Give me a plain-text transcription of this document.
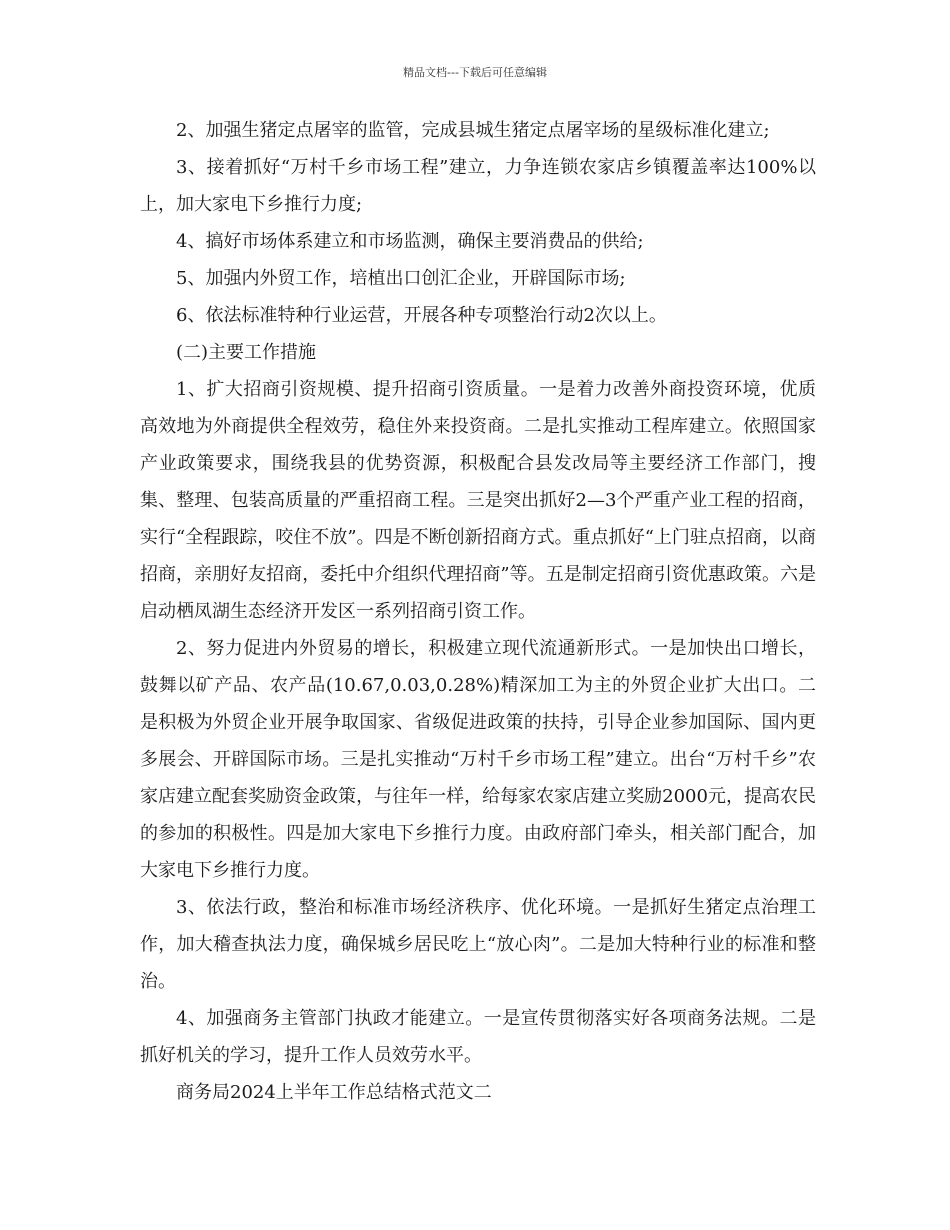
精品文档---下载后可任意编辑

2、加强生猪定点屠宰的监管，完成县城生猪定点屠宰场的星级标准化建立;

3、接着抓好“万村千乡市场工程”建立，力争连锁农家店乡镇覆盖率达100%以上，加大家电下乡推行力度;

4、搞好市场体系建立和市场监测，确保主要消费品的供给;

5、加强内外贸工作，培植出口创汇企业，开辟国际市场;

6、依法标准特种行业运营，开展各种专项整治行动2次以上。

(二)主要工作措施

1、扩大招商引资规模、提升招商引资质量。一是着力改善外商投资环境，优质高效地为外商提供全程效劳，稳住外来投资商。二是扎实推动工程库建立。依照国家产业政策要求，围绕我县的优势资源，积极配合县发改局等主要经济工作部门，搜集、整理、包装高质量的严重招商工程。三是突出抓好2—3个严重产业工程的招商，实行“全程跟踪，咬住不放”。四是不断创新招商方式。重点抓好“上门驻点招商，以商招商，亲朋好友招商，委托中介组织代理招商”等。五是制定招商引资优惠政策。六是启动栖凤湖生态经济开发区一系列招商引资工作。

2、努力促进内外贸易的增长，积极建立现代流通新形式。一是加快出口增长，鼓舞以矿产品、农产品(10.67,0.03,0.28%)精深加工为主的外贸企业扩大出口。二是积极为外贸企业开展争取国家、省级促进政策的扶持，引导企业参加国际、国内更多展会、开辟国际市场。三是扎实推动“万村千乡市场工程”建立。出台“万村千乡”农家店建立配套奖励资金政策，与往年一样，给每家农家店建立奖励2000元，提高农民的参加的积极性。四是加大家电下乡推行力度。由政府部门牵头，相关部门配合，加大家电下乡推行力度。

3、依法行政，整治和标准市场经济秩序、优化环境。一是抓好生猪定点治理工作，加大稽查执法力度，确保城乡居民吃上“放心肉”。二是加大特种行业的标准和整治。

4、加强商务主管部门执政才能建立。一是宣传贯彻落实好各项商务法规。二是抓好机关的学习，提升工作人员效劳水平。

商务局2024上半年工作总结格式范文二
